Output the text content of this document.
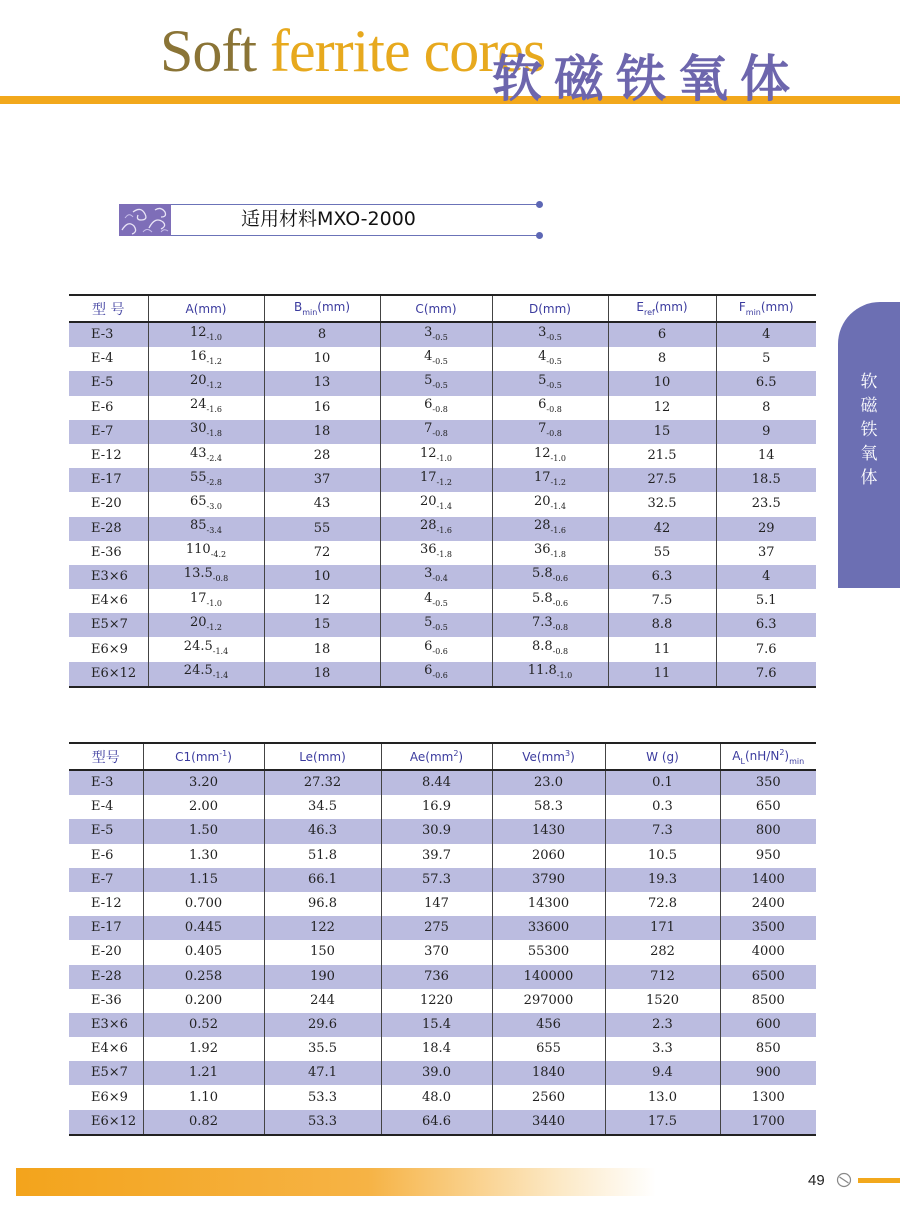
Soft ferrite cores
软磁铁氧体
软
磁
铁
氧
体
适用材料MXO-2000
型 号	A(mm)	$B_{min}(mm)$	C(mm)	D(mm)	$E_{ref}(mm)$	$F_{min}(mm)$
E-3	$12_{-1.0}$	8	$3_{-0.5}$	$3_{-0.5}$	6	4
E-4	$16_{-1.2}$	10	$4_{-0.5}$	$4_{-0.5}$	8	5
E-5	$20_{-1.2}$	13	$5_{-0.5}$	$5_{-0.5}$	10	6.5
E-6	$24_{-1.6}$	16	$6_{-0.8}$	$6_{-0.8}$	12	8
E-7	$30_{-1.8}$	18	$7_{-0.8}$	$7_{-0.8}$	15	9
E-12	$43_{-2.4}$	28	$12_{-1.0}$	$12_{-1.0}$	21.5	14
E-17	$55_{-2.8}$	37	$17_{-1.2}$	$17_{-1.2}$	27.5	18.5
E-20	$65_{-3.0}$	43	$20_{-1.4}$	$20_{-1.4}$	32.5	23.5
E-28	$85_{-3.4}$	55	$28_{-1.6}$	$28_{-1.6}$	42	29
E-36	$110_{-4.2}$	72	$36_{-1.8}$	$36_{-1.8}$	55	37
E3×6	$13.5_{-0.8}$	10	$3_{-0.4}$	$5.8_{-0.6}$	6.3	4
E4×6	$17_{-1.0}$	12	$4_{-0.5}$	$5.8_{-0.6}$	7.5	5.1
E5×7	$20_{-1.2}$	15	$5_{-0.5}$	$7.3_{-0.8}$	8.8	6.3
E6×9	$24.5_{-1.4}$	18	$6_{-0.6}$	$8.8_{-0.8}$	11	7.6
E6×12	$24.5_{-1.4}$	18	$6_{-0.6}$	$11.8_{-1.0}$	11	7.6
型号	$C1(mm^{-1})$	Le(mm)	$Ae(mm^2)$	$Ve(mm^3)$	W (g)	$A_L(nH/N^2)_{min}$
E-3	3.20	27.32	8.44	23.0	0.1	350
E-4	2.00	34.5	16.9	58.3	0.3	650
E-5	1.50	46.3	30.9	1430	7.3	800
E-6	1.30	51.8	39.7	2060	10.5	950
E-7	1.15	66.1	57.3	3790	19.3	1400
E-12	0.700	96.8	147	14300	72.8	2400
E-17	0.445	122	275	33600	171	3500
E-20	0.405	150	370	55300	282	4000
E-28	0.258	190	736	140000	712	6500
E-36	0.200	244	1220	297000	1520	8500
E3×6	0.52	29.6	15.4	456	2.3	600
E4×6	1.92	35.5	18.4	655	3.3	850
E5×7	1.21	47.1	39.0	1840	9.4	900
E6×9	1.10	53.3	48.0	2560	13.0	1300
E6×12	0.82	53.3	64.6	3440	17.5	1700
49
